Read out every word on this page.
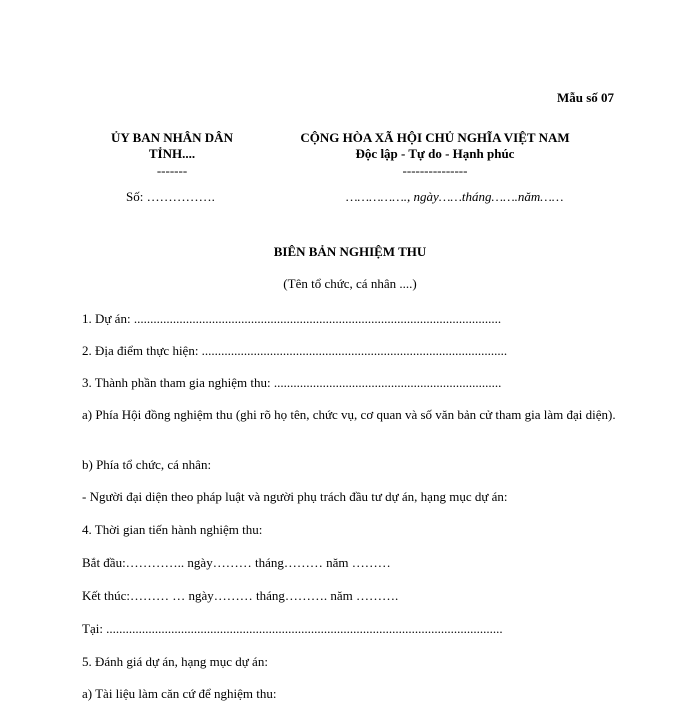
Mẫu số 07
ỦY BAN NHÂN DÂN
TỈNH....
-------
Số: …………….
CỘNG HÒA XÃ HỘI CHỦ NGHĨA VIỆT NAM
Độc lập - Tự do - Hạnh phúc
---------------
……………., ngày……tháng…….năm……
BIÊN BẢN NGHIỆM THU
(Tên tổ chức, cá nhân ....)
1. Dự án: .................................................................................................................
2. Địa điểm thực hiện: ..............................................................................................
3. Thành phần tham gia nghiệm thu: ......................................................................
a) Phía Hội đồng nghiệm thu (ghi rõ họ tên, chức vụ, cơ quan và số văn bản cử tham gia làm đại diện).
b) Phía tổ chức, cá nhân:
- Người đại diện theo pháp luật và người phụ trách đầu tư dự án, hạng mục dự án:
4. Thời gian tiến hành nghiệm thu:
Bắt đầu:………….. ngày……… tháng……… năm ………
Kết thúc:……… … ngày……… tháng………. năm ……….
Tại: ..........................................................................................................................
5. Đánh giá dự án, hạng mục dự án:
a) Tài liệu làm căn cứ để nghiệm thu:
